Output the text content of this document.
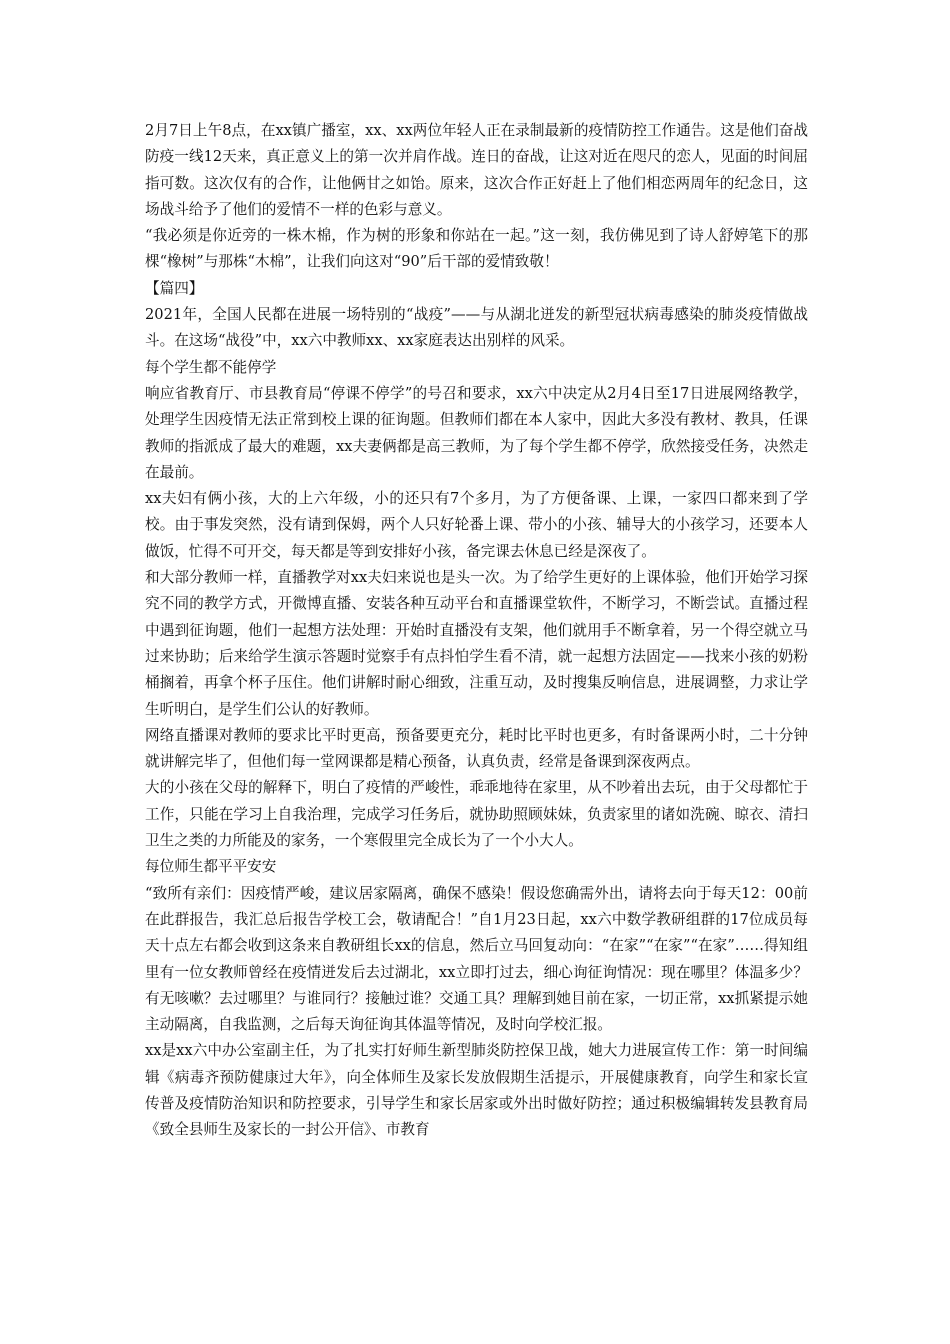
2月7日上午8点，在xx镇广播室，xx、xx两位年轻人正在录制最新的疫情防控工作通告。这是他们奋战防疫一线12天来，真正意义上的第一次并肩作战。连日的奋战，让这对近在咫尺的恋人，见面的时间屈指可数。这次仅有的合作，让他俩甘之如饴。原来，这次合作正好赶上了他们相恋两周年的纪念日，这场战斗给予了他们的爱情不一样的色彩与意义。

“我必须是你近旁的一株木棉，作为树的形象和你站在一起。”这一刻，我仿佛见到了诗人舒婷笔下的那棵“橡树”与那株“木棉”，让我们向这对“90”后干部的爱情致敬！

【篇四】

2021年，全国人民都在进展一场特别的“战疫”——与从湖北迸发的新型冠状病毒感染的肺炎疫情做战斗。在这场“战役”中，xx六中教师xx、xx家庭表达出别样的风采。

每个学生都不能停学

响应省教育厅、市县教育局“停课不停学”的号召和要求，xx六中决定从2月4日至17日进展网络教学，处理学生因疫情无法正常到校上课的征询题。但教师们都在本人家中，因此大多没有教材、教具，任课教师的指派成了最大的难题，xx夫妻俩都是高三教师，为了每个学生都不停学，欣然接受任务，决然走在最前。

xx夫妇有俩小孩，大的上六年级，小的还只有7个多月，为了方便备课、上课，一家四口都来到了学校。由于事发突然，没有请到保姆，两个人只好轮番上课、带小的小孩、辅导大的小孩学习，还要本人做饭，忙得不可开交，每天都是等到安排好小孩，备完课去休息已经是深夜了。

和大部分教师一样，直播教学对xx夫妇来说也是头一次。为了给学生更好的上课体验，他们开始学习探究不同的教学方式，开微博直播、安装各种互动平台和直播课堂软件，不断学习，不断尝试。直播过程中遇到征询题，他们一起想方法处理：开始时直播没有支架，他们就用手不断拿着，另一个得空就立马过来协助；后来给学生演示答题时觉察手有点抖怕学生看不清，就一起想方法固定——找来小孩的奶粉桶搁着，再拿个杯子压住。他们讲解时耐心细致，注重互动，及时搜集反响信息，进展调整，力求让学生听明白，是学生们公认的好教师。

网络直播课对教师的要求比平时更高，预备要更充分，耗时比平时也更多，有时备课两小时，二十分钟就讲解完毕了，但他们每一堂网课都是精心预备，认真负责，经常是备课到深夜两点。

大的小孩在父母的解释下，明白了疫情的严峻性，乖乖地待在家里，从不吵着出去玩，由于父母都忙于工作，只能在学习上自我治理，完成学习任务后，就协助照顾妹妹，负责家里的诸如洗碗、晾衣、清扫卫生之类的力所能及的家务，一个寒假里完全成长为了一个小大人。

每位师生都平平安安

“致所有亲们：因疫情严峻，建议居家隔离，确保不感染！假设您确需外出，请将去向于每天12：00前在此群报告，我汇总后报告学校工会，敬请配合！”自1月23日起，xx六中数学教研组群的17位成员每天十点左右都会收到这条来自教研组长xx的信息，然后立马回复动向：“在家”“在家”“在家”……得知组里有一位女教师曾经在疫情迸发后去过湖北，xx立即打过去，细心询征询情况：现在哪里？体温多少？有无咳嗽？去过哪里？与谁同行？接触过谁？交通工具？理解到她目前在家，一切正常，xx抓紧提示她主动隔离，自我监测，之后每天询征询其体温等情况，及时向学校汇报。

xx是xx六中办公室副主任，为了扎实打好师生新型肺炎防控保卫战，她大力进展宣传工作：第一时间编辑《病毒齐预防健康过大年》，向全体师生及家长发放假期生活提示，开展健康教育，向学生和家长宣传普及疫情防治知识和防控要求，引导学生和家长居家或外出时做好防控；通过积极编辑转发县教育局《致全县师生及家长的一封公开信》、市教育
